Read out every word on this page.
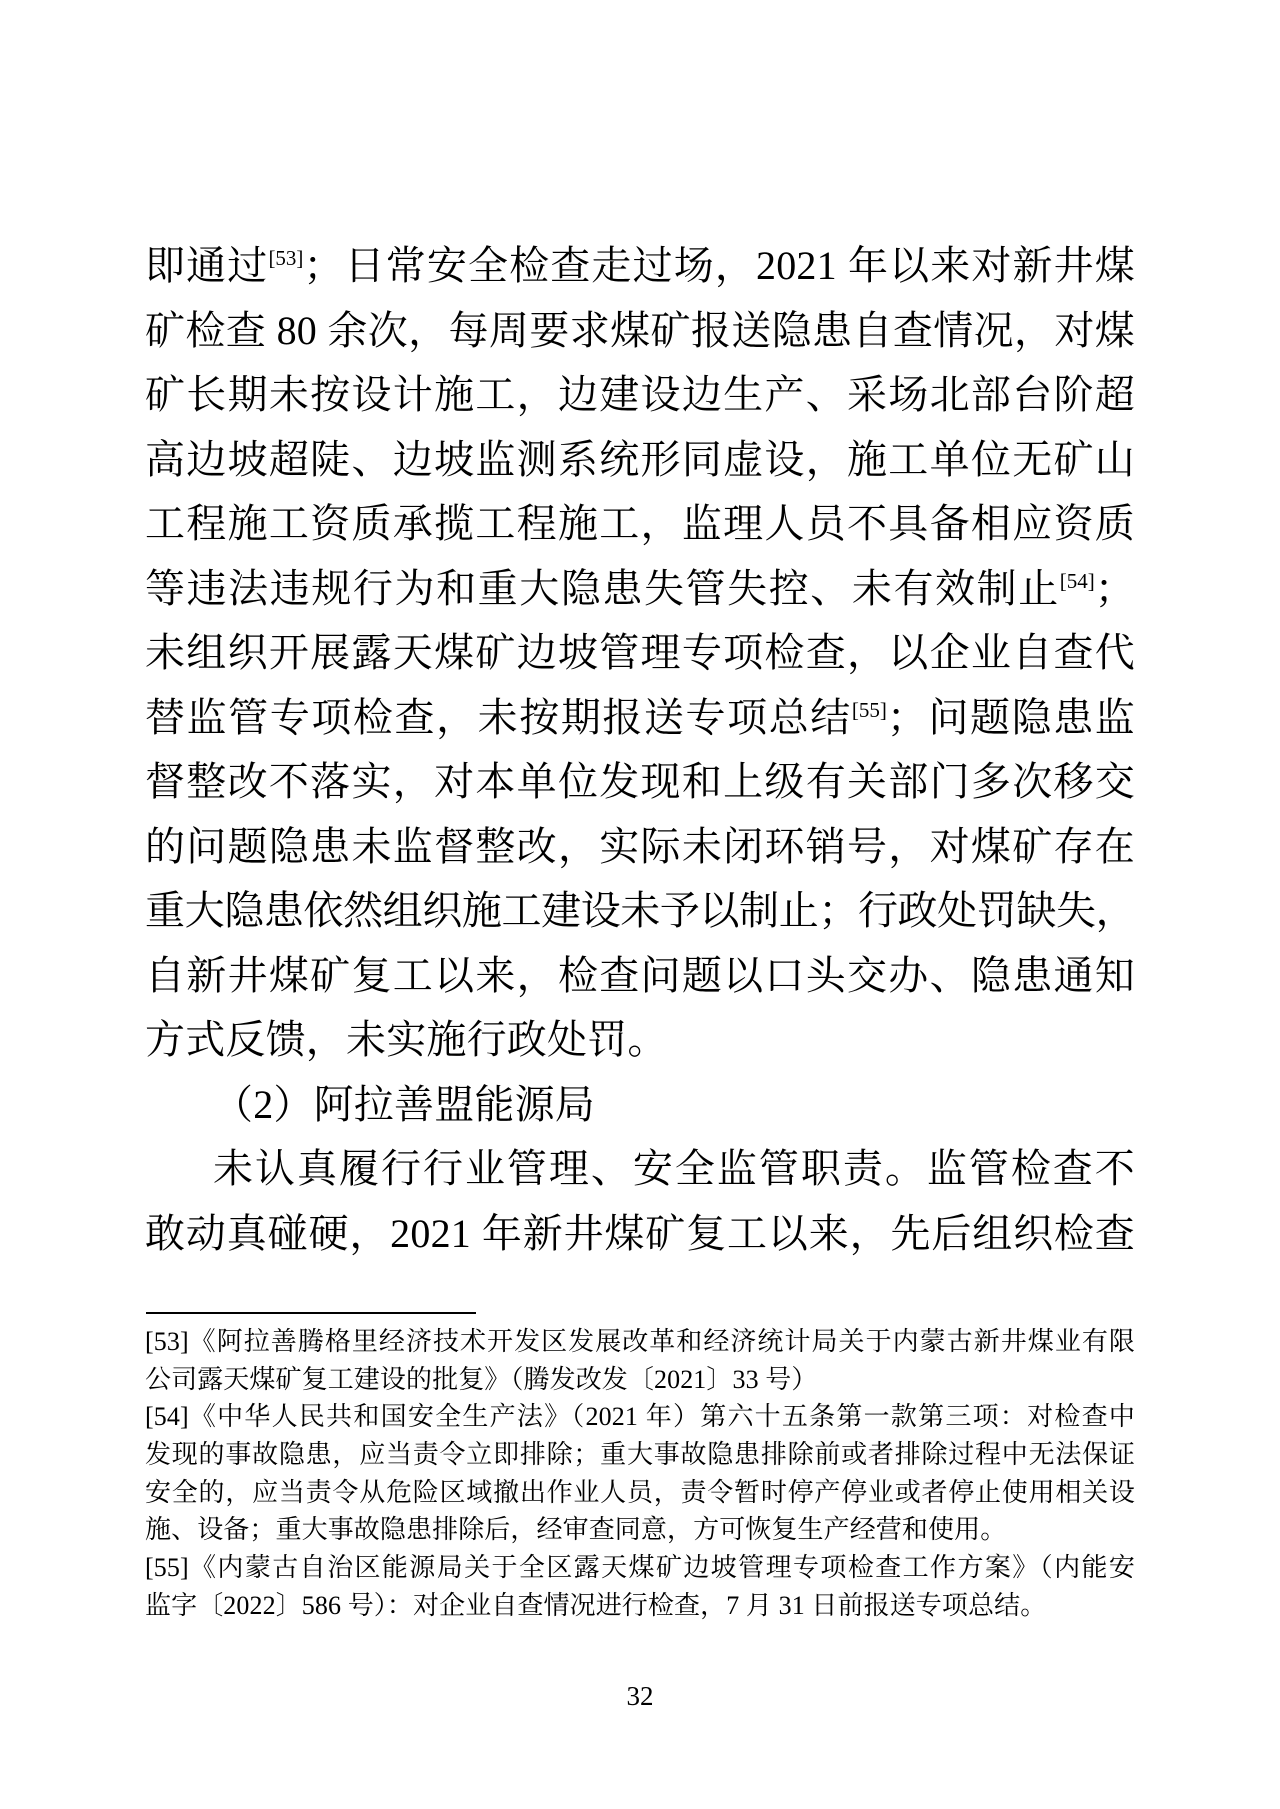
即通过[53]；日常安全检查走过场，2021 年以来对新井煤
矿检查 80 余次，每周要求煤矿报送隐患自查情况，对煤
矿长期未按设计施工，边建设边生产、采场北部台阶超
高边坡超陡、边坡监测系统形同虚设，施工单位无矿山
工程施工资质承揽工程施工，监理人员不具备相应资质
等违法违规行为和重大隐患失管失控、未有效制止[54]；
未组织开展露天煤矿边坡管理专项检查，以企业自查代
替监管专项检查，未按期报送专项总结[55]；问题隐患监
督整改不落实，对本单位发现和上级有关部门多次移交
的问题隐患未监督整改，实际未闭环销号，对煤矿存在
重大隐患依然组织施工建设未予以制止；行政处罚缺失，
自新井煤矿复工以来，检查问题以口头交办、隐患通知
方式反馈，未实施行政处罚。
（2）阿拉善盟能源局
未认真履行行业管理、安全监管职责。监管检查不
敢动真碰硬，2021 年新井煤矿复工以来，先后组织检查
[53]《阿拉善腾格里经济技术开发区发展改革和经济统计局关于内蒙古新井煤业有限
公司露天煤矿复工建设的批复》（腾发改发〔2021〕33 号）
[54]《中华人民共和国安全生产法》（2021 年）第六十五条第一款第三项：对检查中
发现的事故隐患，应当责令立即排除；重大事故隐患排除前或者排除过程中无法保证
安全的，应当责令从危险区域撤出作业人员，责令暂时停产停业或者停止使用相关设
施、设备；重大事故隐患排除后，经审查同意，方可恢复生产经营和使用。
[55]《内蒙古自治区能源局关于全区露天煤矿边坡管理专项检查工作方案》（内能安
监字〔2022〕586 号）：对企业自查情况进行检查，7 月 31 日前报送专项总结。
32
